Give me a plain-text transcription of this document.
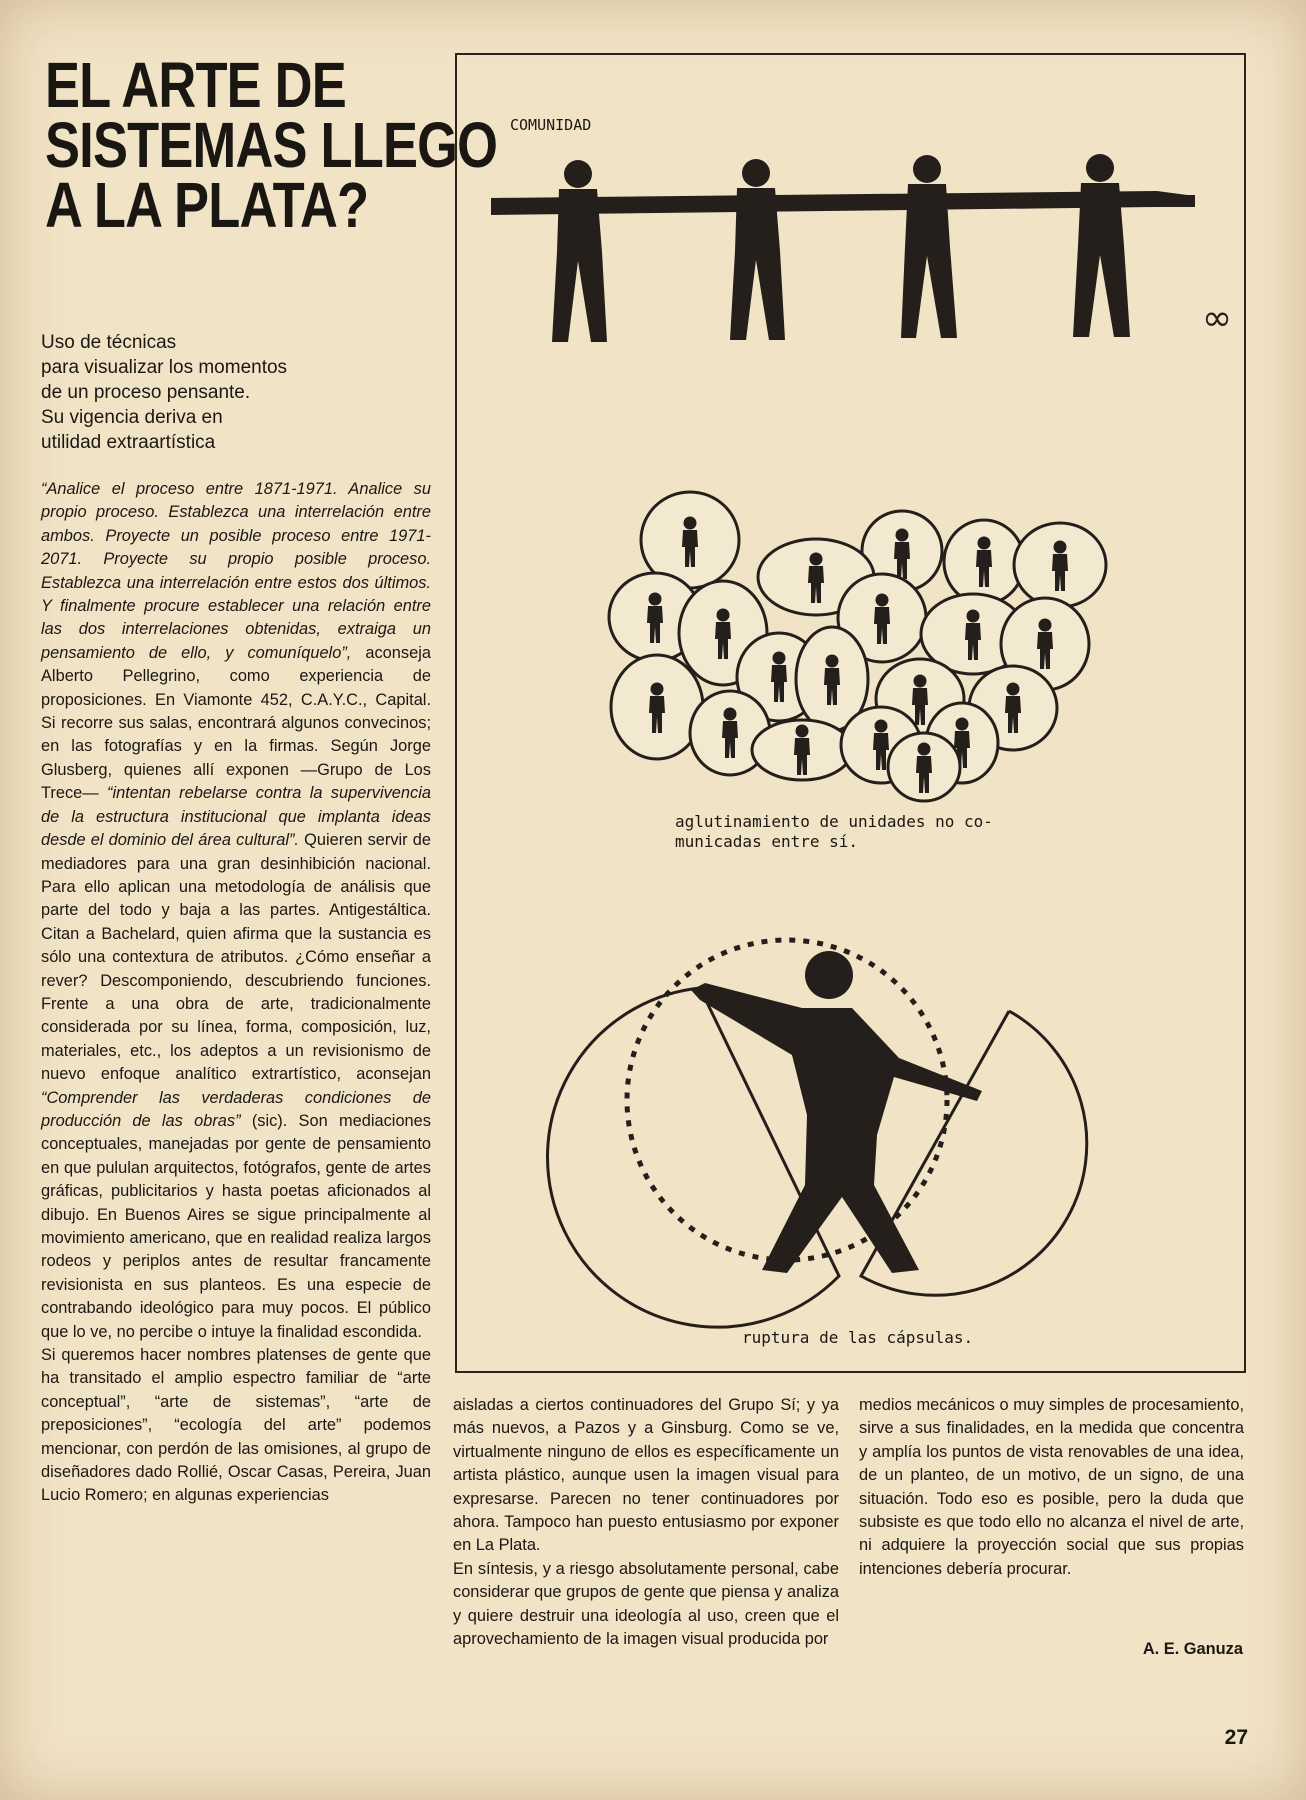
EL ARTE DE
SISTEMAS LLEGO
A LA PLATA?
Uso de técnicas
para visualizar los momentos
de un proceso pensante.
Su vigencia deriva en
utilidad extraartística

“Analice el proceso entre 1871-1971. Analice su propio proceso. Establezca una interrelación entre ambos. Proyecte un posible proceso entre 1971-2071. Proyecte su propio posible proceso. Establezca una interrelación entre estos dos últimos. Y finalmente procure establecer una relación entre las dos interrelaciones obtenidas, extraiga un pensamiento de ello, y comuníquelo”, aconseja Alberto Pellegrino, como experiencia de proposiciones. En Viamonte 452, C.A.Y.C., Capital. Si recorre sus salas, encontrará algunos convecinos; en las fotografías y en la firmas. Según Jorge Glusberg, quienes allí exponen —Grupo de Los Trece— “intentan rebelarse contra la supervivencia de la estructura institucional que implanta ideas desde el dominio del área cultural”. Quieren servir de mediadores para una gran desinhibición nacional. Para ello aplican una metodología de análisis que parte del todo y baja a las partes. Antigestáltica. Citan a Bachelard, quien afirma que la sustancia es sólo una contextura de atributos. ¿Cómo enseñar a rever? Descomponiendo, descubriendo funciones. Frente a una obra de arte, tradicionalmente considerada por su línea, forma, composición, luz, materiales, etc., los adeptos a un revisionismo de nuevo enfoque analítico extrartístico, aconsejan “Comprender las verdaderas condiciones de producción de las obras” (sic). Son mediaciones conceptuales, manejadas por gente de pensamiento en que pululan arquitectos, fotógrafos, gente de artes gráficas, publicitarios y hasta poetas aficionados al dibujo. En Buenos Aires se sigue principalmente al movimiento americano, que en realidad realiza largos rodeos y periplos antes de resultar francamente revisionista en sus planteos. Es una especie de contrabando ideológico para muy pocos. El público que lo ve, no percibe o intuye la finalidad escondida.

Si queremos hacer nombres platenses de gente que ha transitado el amplio espectro familiar de “arte conceptual”, “arte de sistemas”, “arte de preposiciones”, “ecología del arte” podemos mencionar, con perdón de las omisiones, al grupo de diseñadores dado Rollié, Oscar Casas, Pereira, Juan Lucio Romero; en algunas experiencias

aisladas a ciertos continuadores del Grupo Sí; y ya más nuevos, a Pazos y a Ginsburg. Como se ve, virtualmente ninguno de ellos es específicamente un artista plástico, aunque usen la imagen visual para expresarse. Parecen no tener continuadores por ahora. Tampoco han puesto entusiasmo por exponer en La Plata.

En síntesis, y a riesgo absolutamente personal, cabe considerar que grupos de gente que piensa y analiza y quiere destruir una ideología al uso, creen que el aprovechamiento de la imagen visual producida por

medios mecánicos o muy simples de procesamiento, sirve a sus finalidades, en la medida que concentra y amplía los puntos de vista renovables de una idea, de un planteo, de un motivo, de un signo, de una situación. Todo eso es posible, pero la duda que subsiste es que todo ello no alcanza el nivel de arte, ni adquiere la proyección social que sus propias intenciones debería procurar.

A. E. Ganuza
27
∞
COMUNIDAD
aglutinamiento de unidades no co-
municadas entre sí.
ruptura de las cápsulas.
